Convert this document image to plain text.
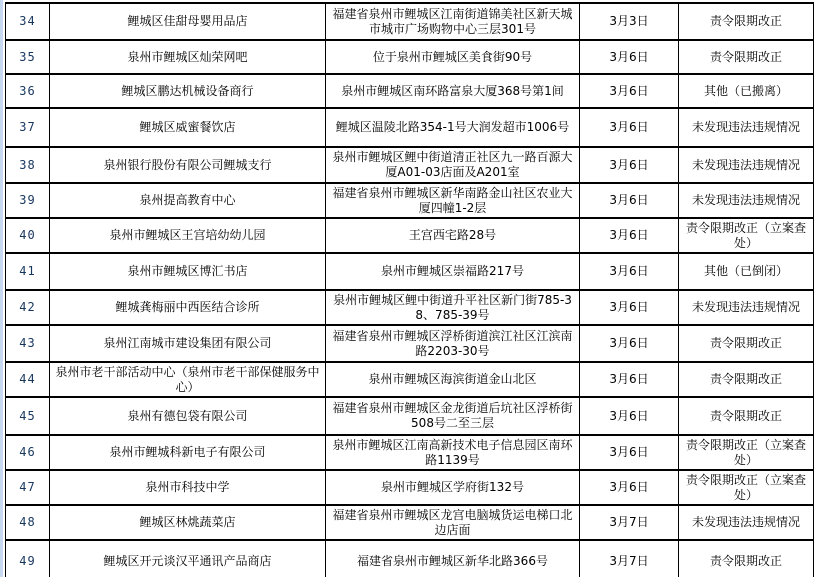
34	鲤城区佳甜母婴用品店	福建省泉州市鲤城区江南街道锦美社区新天城市城市广场购物中心三层301号	3月3日	责令限期改正
35	泉州市鲤城区灿荣网吧	位于泉州市鲤城区美食街90号	3月6日	责令限期改正
36	鲤城区鹏达机械设备商行	泉州市鲤城区南环路富泉大厦368号第1间	3月6日	其他（已搬离）
37	鲤城区威蜜餐饮店	鲤城区温陵北路354-1号大润发超市1006号	3月6日	未发现违法违规情况
38	泉州银行股份有限公司鲤城支行	泉州市鲤城区鲤中街道清正社区九一路百源大厦A01-03店面及A201室	3月6日	未发现违法违规情况
39	泉州提高教育中心	福建省泉州市鲤城区新华南路金山社区农业大厦四幢1-2层	3月6日	未发现违法违规情况
40	泉州市鲤城区王宫培幼幼儿园	王宫西宅路28号	3月6日	责令限期改正（立案查处）
41	泉州市鲤城区博汇书店	泉州市鲤城区崇福路217号	3月6日	其他（已倒闭）
42	鲤城龚梅丽中西医结合诊所	泉州市鲤城区鲤中街道升平社区新门街785-38、785-39号	3月6日	未发现违法违规情况
43	泉州江南城市建设集团有限公司	福建省泉州市鲤城区浮桥街道滨江社区江滨南路2203-30号	3月6日	责令限期改正
44	泉州市老干部活动中心（泉州市老干部保健服务中心）	泉州市鲤城区海滨街道金山北区	3月6日	责令限期改正
45	泉州有德包袋有限公司	福建省泉州市鲤城区金龙街道后坑社区浮桥街508号二至三层	3月6日	责令限期改正
46	泉州市鲤城科新电子有限公司	泉州市鲤城区江南高新技术电子信息园区南环路1139号	3月6日	责令限期改正（立案查处）
47	泉州市科技中学	泉州市鲤城区学府街132号	3月6日	责令限期改正（立案查处）
48	鲤城区林烑蔬菜店	福建省泉州市鲤城区龙宫电脑城货运电梯口北边店面	3月7日	未发现违法违规情况
49	鲤城区开元谈汉平通讯产品商店	福建省泉州市鲤城区新华北路366号	3月7日	责令限期改正
